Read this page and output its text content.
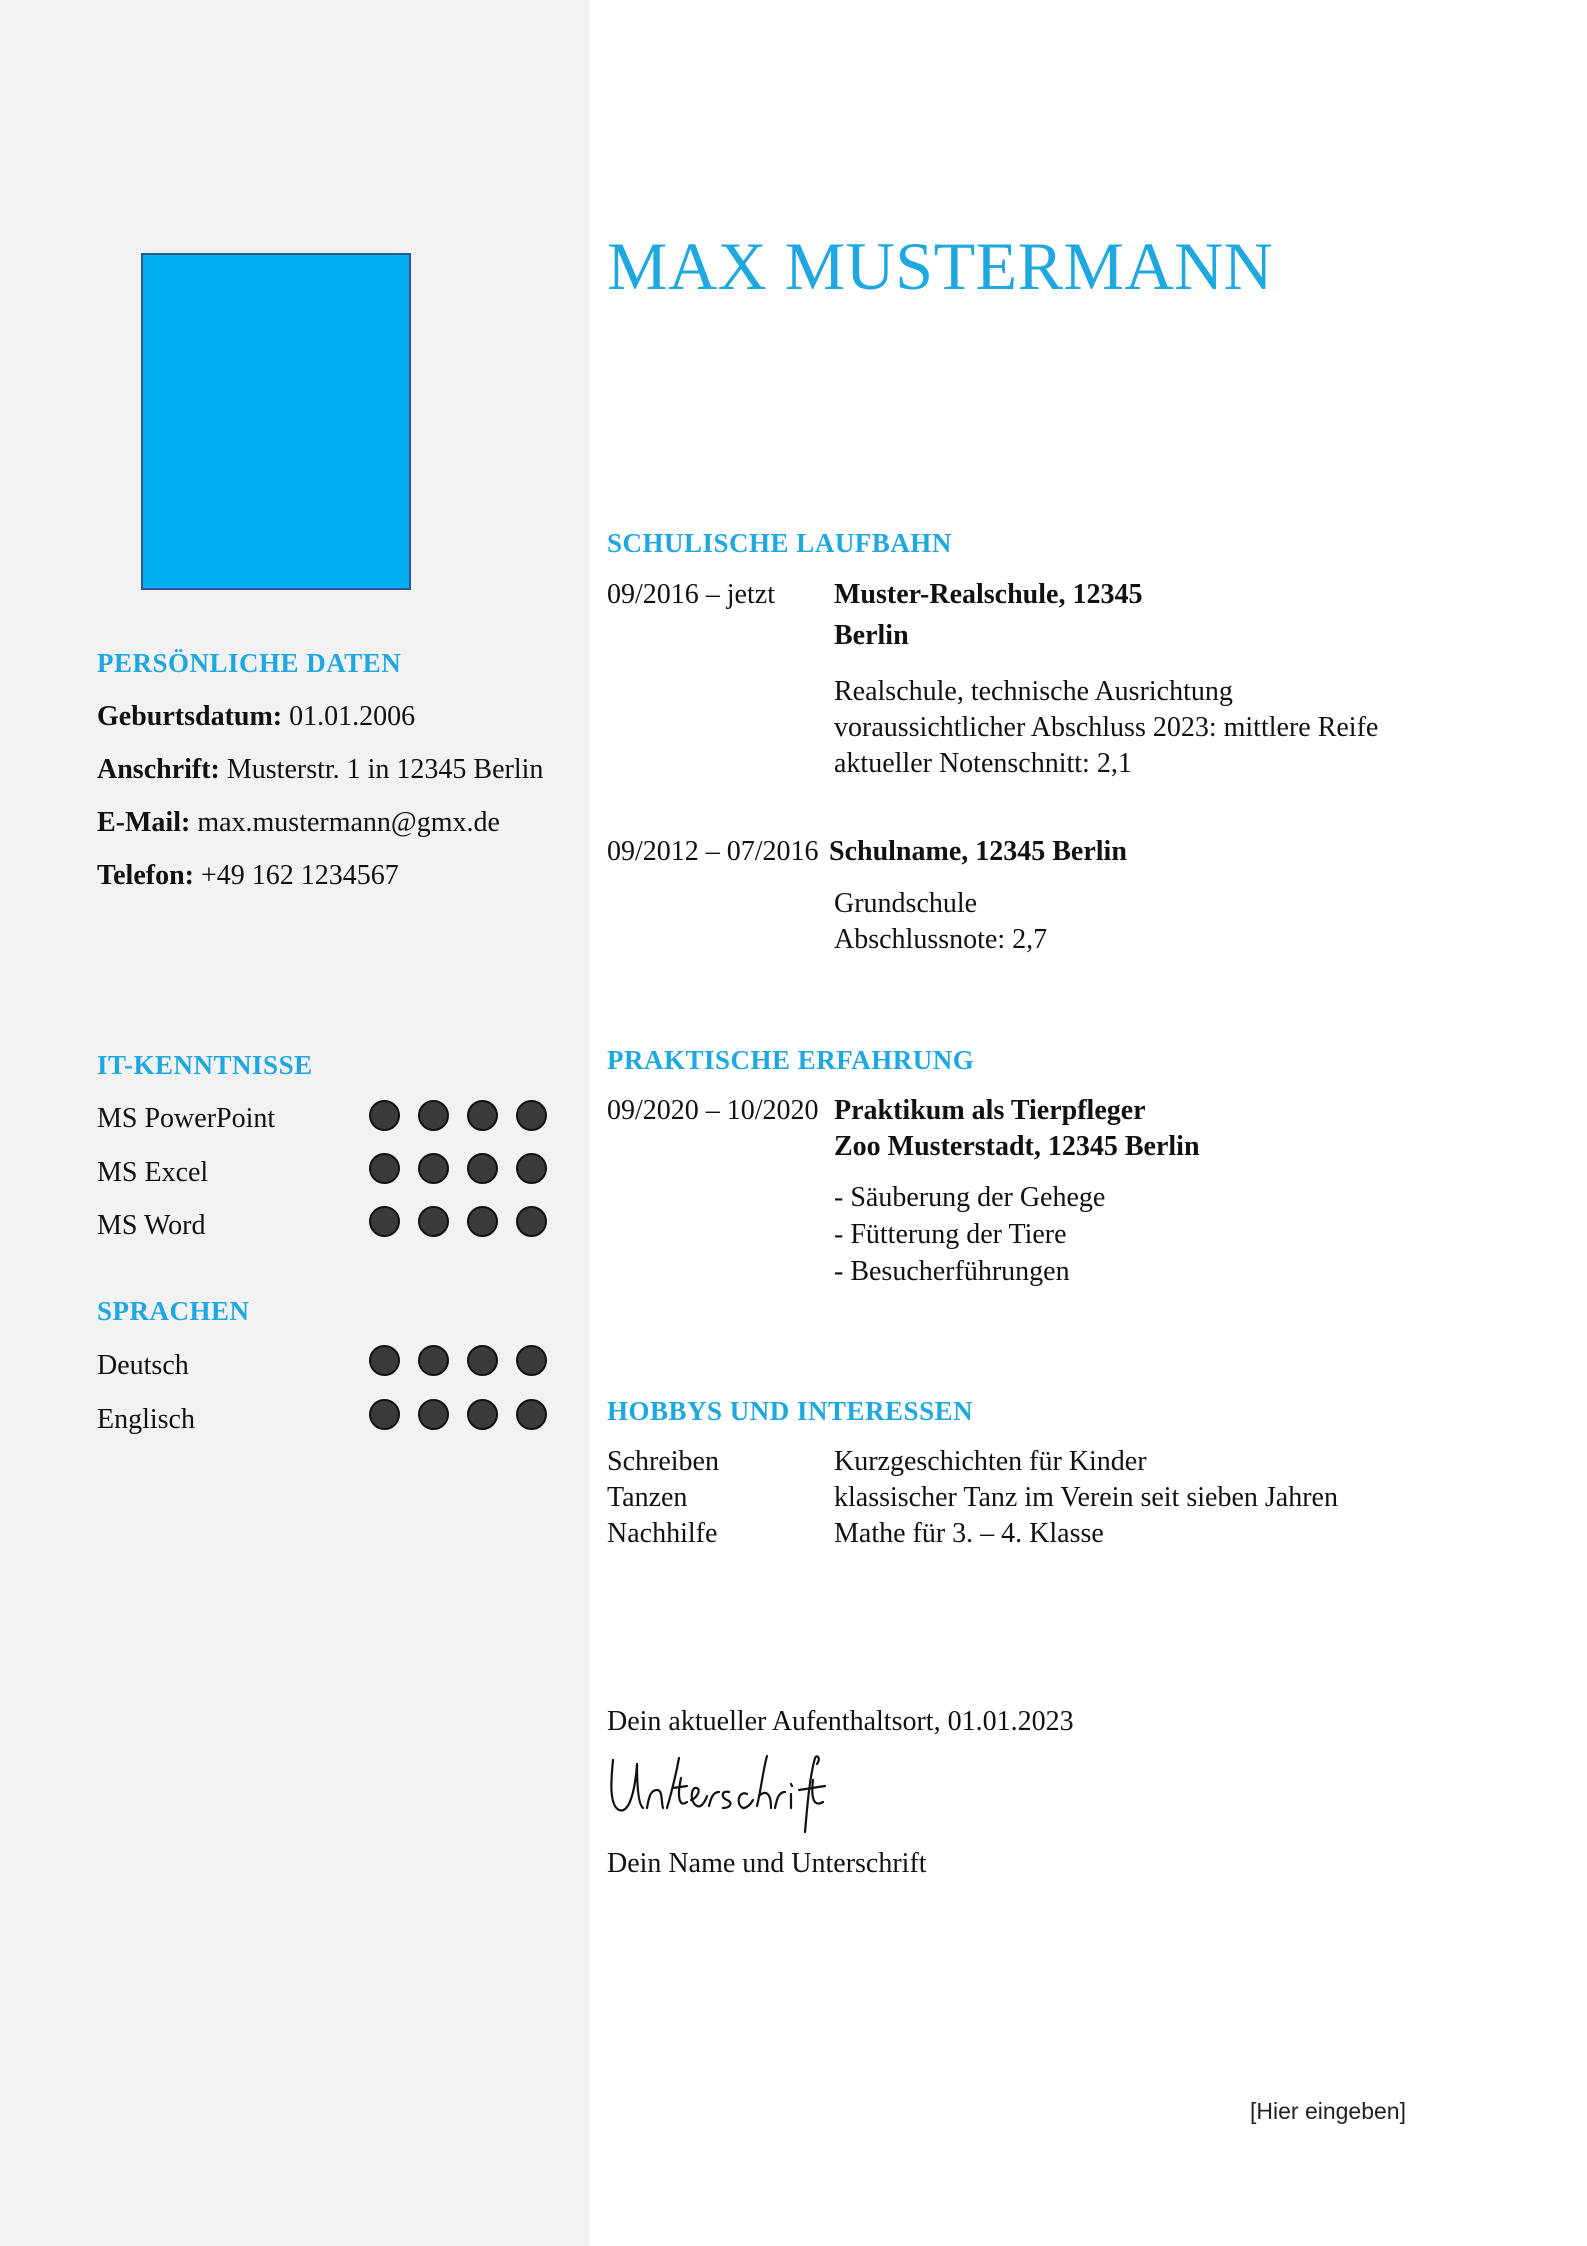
MAX MUSTERMANN
PERSÖNLICHE DATEN
Geburtsdatum: 01.01.2006
Anschrift: Musterstr. 1 in 12345 Berlin
E-Mail: max.mustermann@gmx.de
Telefon: +49 162 1234567
IT-KENNTNISSE
MS PowerPoint
MS Excel
MS Word
SPRACHEN
Deutsch
Englisch
SCHULISCHE LAUFBAHN
09/2016 – jetzt Muster-Realschule, 12345
Berlin
Realschule, technische Ausrichtung
voraussichtlicher Abschluss 2023: mittlere Reife
aktueller Notenschnitt: 2,1
09/2012 – 07/2016 Schulname, 12345 Berlin
Grundschule
Abschlussnote: 2,7
PRAKTISCHE ERFAHRUNG
09/2020 – 10/2020 Praktikum als Tierpfleger
Zoo Musterstadt, 12345 Berlin
- Säuberung der Gehege
- Fütterung der Tiere
- Besucherführungen
HOBBYS UND INTERESSEN
Schreiben	Kurzgeschichten für Kinder
Tanzen	klassischer Tanz im Verein seit sieben Jahren
Nachhilfe	Mathe für 3. – 4. Klasse
Dein aktueller Aufenthaltsort, 01.01.2023
Dein Name und Unterschrift
[Hier eingeben]
